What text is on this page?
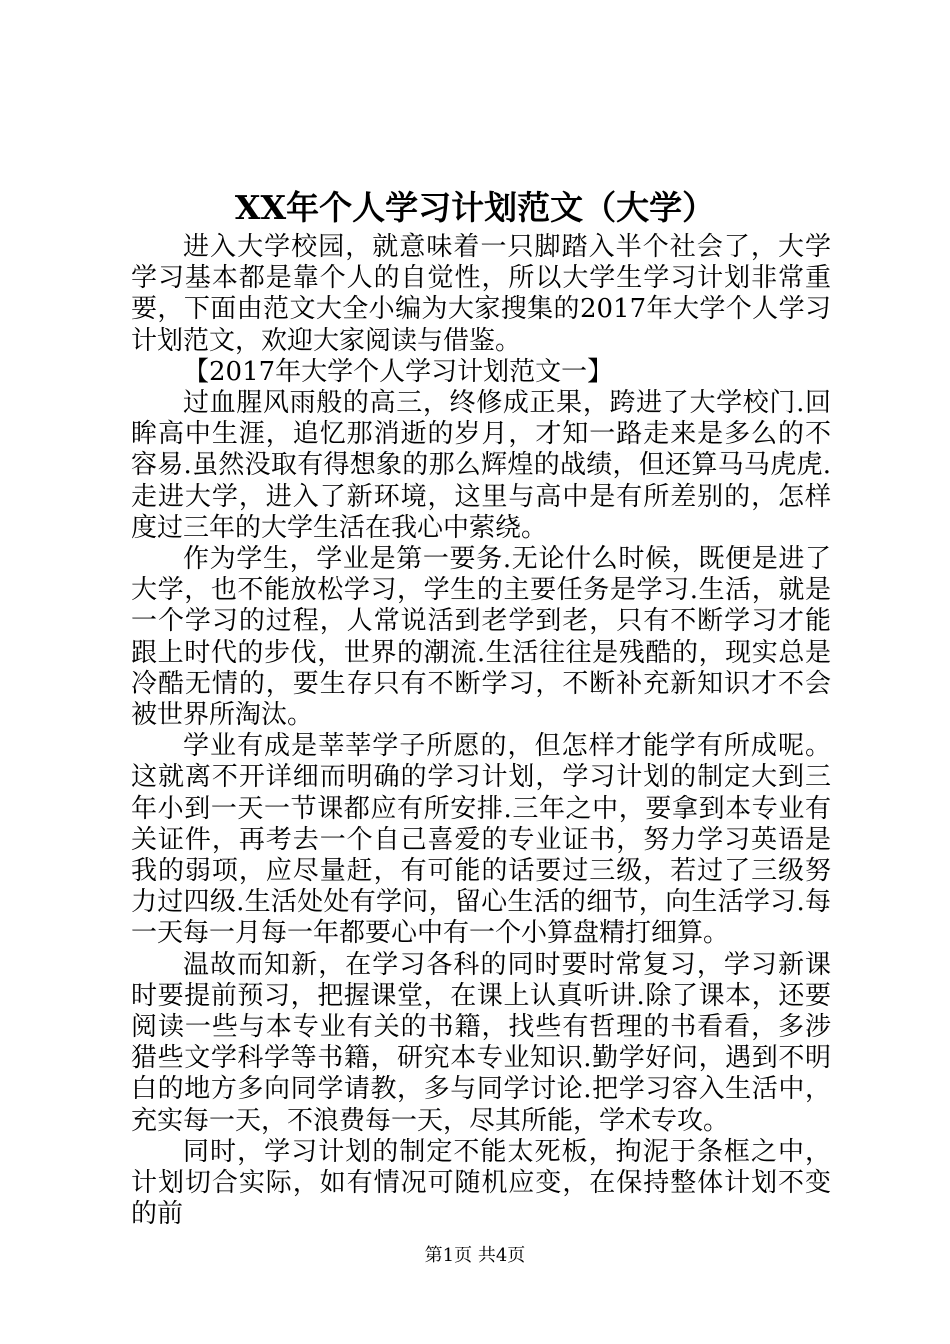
XX年个人学习计划范文（大学）

进入大学校园，就意味着一只脚踏入半个社会了，大学学习基本都是靠个人的自觉性，所以大学生学习计划非常重要，下面由范文大全小编为大家搜集的2017年大学个人学习计划范文，欢迎大家阅读与借鉴。

【2017年大学个人学习计划范文一】

过血腥风雨般的高三，终修成正果，跨进了大学校门.回眸高中生涯，追忆那消逝的岁月，才知一路走来是多么的不容易.虽然没取有得想象的那么辉煌的战绩，但还算马马虎虎.走进大学，进入了新环境，这里与高中是有所差别的，怎样度过三年的大学生活在我心中萦绕。

作为学生，学业是第一要务.无论什么时候，既便是进了大学，也不能放松学习，学生的主要任务是学习.生活，就是一个学习的过程，人常说活到老学到老，只有不断学习才能跟上时代的步伐，世界的潮流.生活往往是残酷的，现实总是冷酷无情的，要生存只有不断学习，不断补充新知识才不会被世界所淘汰。

学业有成是莘莘学子所愿的，但怎样才能学有所成呢。这就离不开详细而明确的学习计划，学习计划的制定大到三年小到一天一节课都应有所安排.三年之中，要拿到本专业有关证件，再考去一个自己喜爱的专业证书，努力学习英语是我的弱项，应尽量赶，有可能的话要过三级，若过了三级努力过四级.生活处处有学问，留心生活的细节，向生活学习.每一天每一月每一年都要心中有一个小算盘精打细算。

温故而知新，在学习各科的同时要时常复习，学习新课时要提前预习，把握课堂，在课上认真听讲.除了课本，还要阅读一些与本专业有关的书籍，找些有哲理的书看看，多涉猎些文学科学等书籍，研究本专业知识.勤学好问，遇到不明白的地方多向同学请教，多与同学讨论.把学习容入生活中，充实每一天，不浪费每一天，尽其所能，学术专攻。

同时，学习计划的制定不能太死板，拘泥于条框之中，计划切合实际，如有情况可随机应变，在保持整体计划不变的前

第1页 共4页
